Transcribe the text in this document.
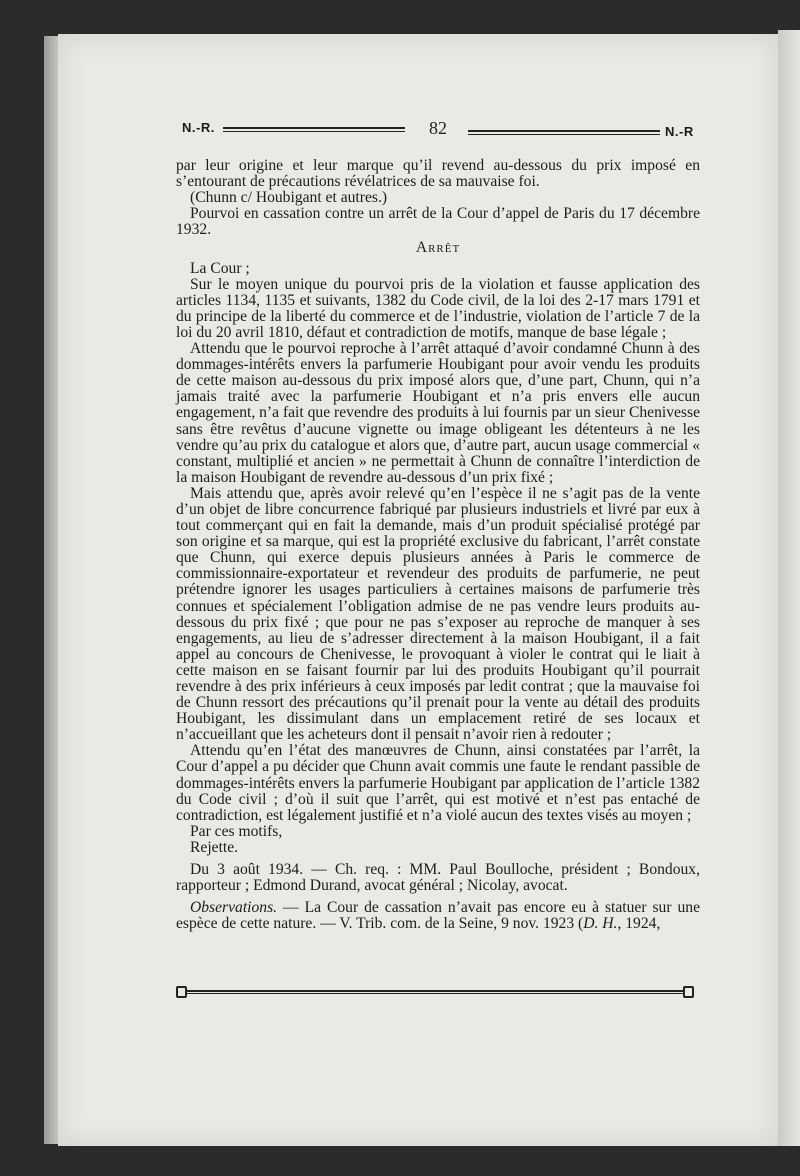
N.-R.	82	N.-R

par leur origine et leur marque qu’il revend au-dessous du prix imposé en s’entourant de précautions révélatrices de sa mauvaise foi.

(Chunn c/ Houbigant et autres.)

Pourvoi en cassation contre un arrêt de la Cour d’appel de Paris du 17 décembre 1932.

Arrêt

La Cour ;

Sur le moyen unique du pourvoi pris de la violation et fausse application des articles 1134, 1135 et suivants, 1382 du Code civil, de la loi des 2-17 mars 1791 et du principe de la liberté du commerce et de l’industrie, violation de l’article 7 de la loi du 20 avril 1810, défaut et contradiction de motifs, manque de base légale ;

Attendu que le pourvoi reproche à l’arrêt attaqué d’avoir condamné Chunn à des dommages-intérêts envers la parfumerie Houbigant pour avoir vendu les produits de cette maison au-dessous du prix imposé alors que, d’une part, Chunn, qui n’a jamais traité avec la parfumerie Houbigant et n’a pris envers elle aucun engagement, n’a fait que revendre des produits à lui fournis par un sieur Chenivesse sans être revêtus d’aucune vignette ou image obligeant les détenteurs à ne les vendre qu’au prix du catalogue et alors que, d’autre part, aucun usage commercial « constant, multiplié et ancien » ne permettait à Chunn de connaître l’interdiction de la maison Houbigant de revendre au-dessous d’un prix fixé ;

Mais attendu que, après avoir relevé qu’en l’espèce il ne s’agit pas de la vente d’un objet de libre concurrence fabriqué par plusieurs industriels et livré par eux à tout commerçant qui en fait la demande, mais d’un produit spécialisé protégé par son origine et sa marque, qui est la propriété exclusive du fabricant, l’arrêt constate que Chunn, qui exerce depuis plusieurs années à Paris le commerce de commissionnaire-exportateur et revendeur des produits de parfumerie, ne peut prétendre ignorer les usages particuliers à certaines maisons de parfumerie très connues et spécialement l’obligation admise de ne pas vendre leurs produits au-dessous du prix fixé ; que pour ne pas s’exposer au reproche de manquer à ses engagements, au lieu de s’adresser directement à la maison Houbigant, il a fait appel au concours de Chenivesse, le provoquant à violer le contrat qui le liait à cette maison en se faisant fournir par lui des produits Houbigant qu’il pourrait revendre à des prix inférieurs à ceux imposés par ledit contrat ; que la mauvaise foi de Chunn ressort des précautions qu’il prenait pour la vente au détail des produits Houbigant, les dissimulant dans un emplacement retiré de ses locaux et n’accueillant que les acheteurs dont il pensait n’avoir rien à redouter ;

Attendu qu’en l’état des manœuvres de Chunn, ainsi constatées par l’arrêt, la Cour d’appel a pu décider que Chunn avait commis une faute le rendant passible de dommages-intérêts envers la parfumerie Houbigant par application de l’article 1382 du Code civil ; d’où il suit que l’arrêt, qui est motivé et n’est pas entaché de contradiction, est légalement justifié et n’a violé aucun des textes visés au moyen ;

Par ces motifs,

Rejette.

Du 3 août 1934. — Ch. req. : MM. Paul Boulloche, président ; Bondoux, rapporteur ; Edmond Durand, avocat général ; Nicolay, avocat.

Observations. — La Cour de cassation n’avait pas encore eu à statuer sur une espèce de cette nature. — V. Trib. com. de la Seine, 9 nov. 1923 (D. H., 1924,
